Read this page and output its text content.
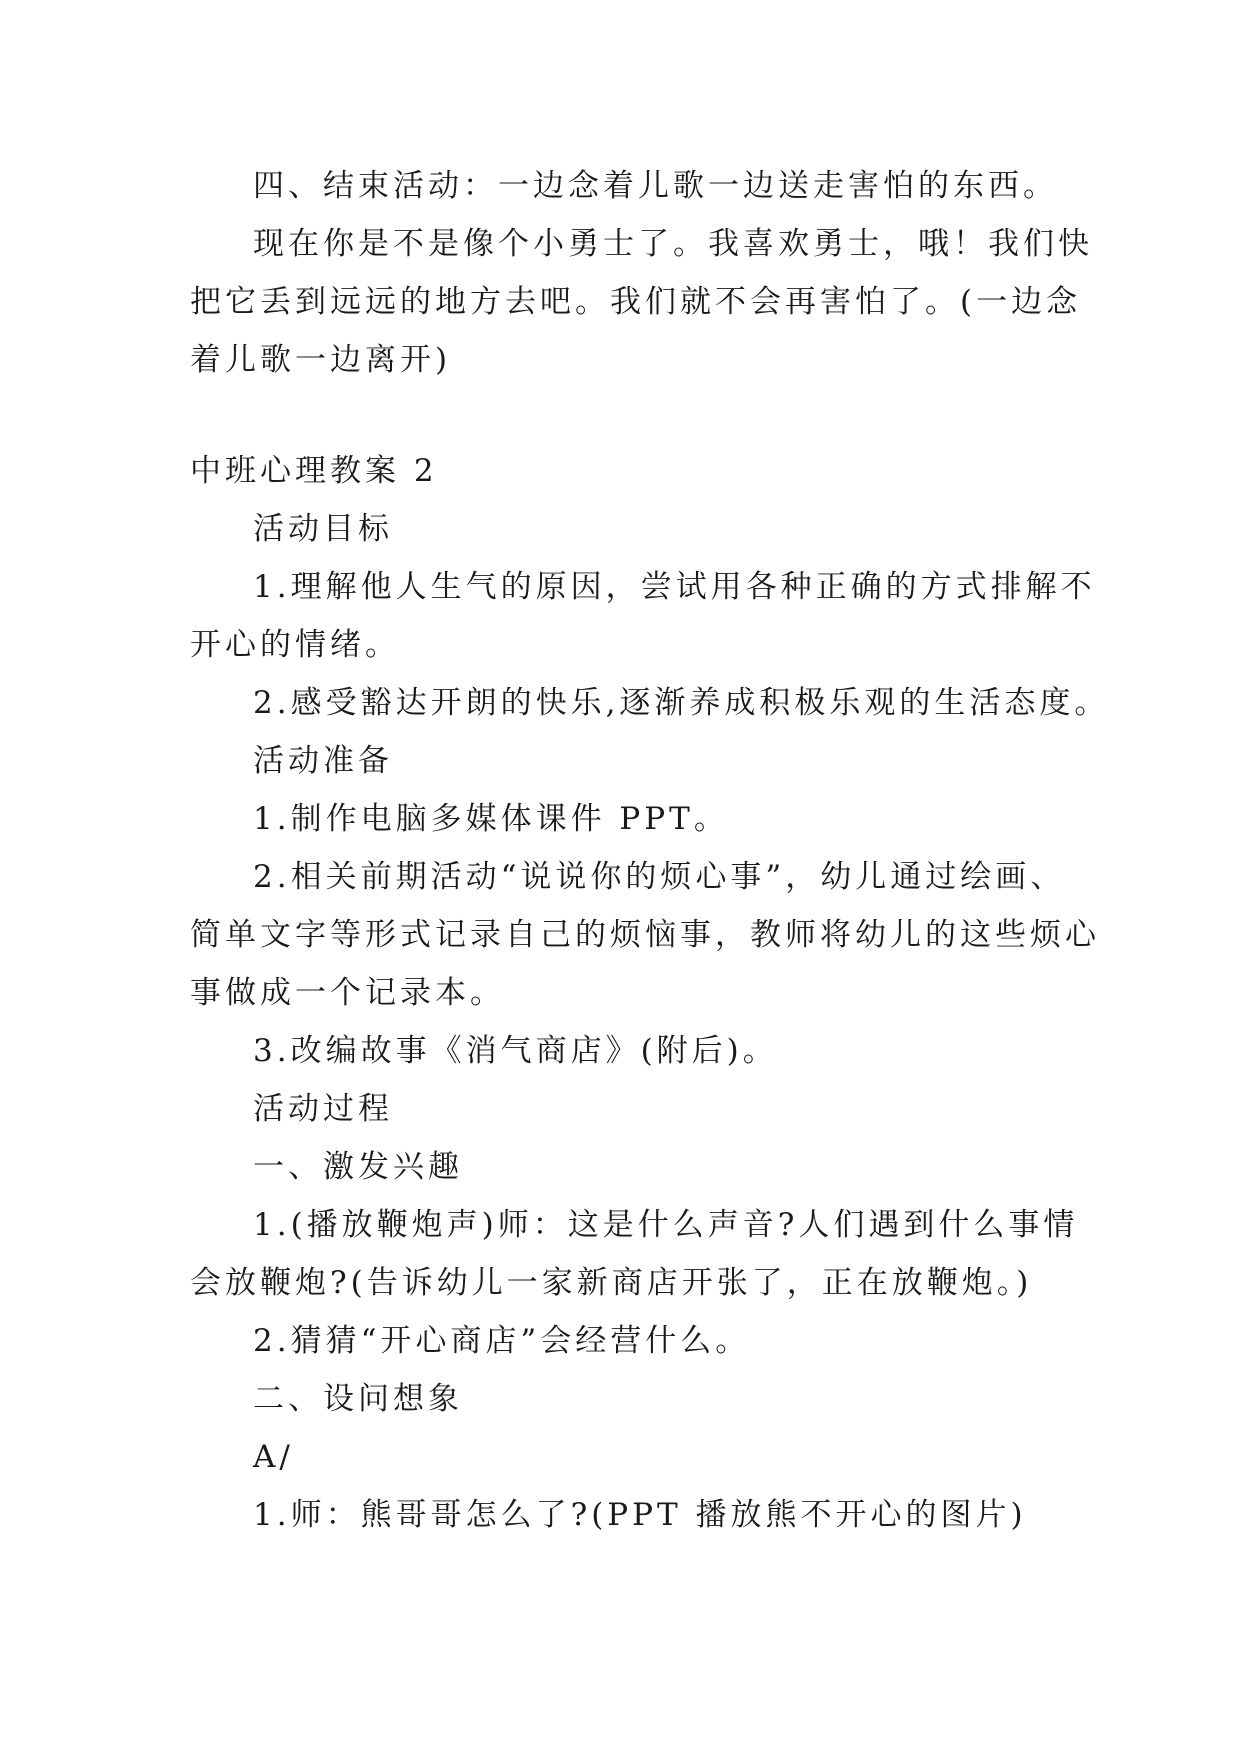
四、结束活动：一边念着儿歌一边送走害怕的东西。
现在你是不是像个小勇士了。我喜欢勇士，哦！我们快
把它丢到远远的地方去吧。我们就不会再害怕了。(一边念
着儿歌一边离开)
中班心理教案 2
活动目标
1.理解他人生气的原因，尝试用各种正确的方式排解不
开心的情绪。
2.感受豁达开朗的快乐,逐渐养成积极乐观的生活态度。
活动准备
1.制作电脑多媒体课件 PPT。
2.相关前期活动“说说你的烦心事”，幼儿通过绘画、
简单文字等形式记录自己的烦恼事，教师将幼儿的这些烦心
事做成一个记录本。
3.改编故事《消气商店》(附后)。
活动过程
一、激发兴趣
1.(播放鞭炮声)师：这是什么声音?人们遇到什么事情
会放鞭炮?(告诉幼儿一家新商店开张了，正在放鞭炮。)
2.猜猜“开心商店”会经营什么。
二、设问想象
A/
1.师：熊哥哥怎么了?(PPT 播放熊不开心的图片)
